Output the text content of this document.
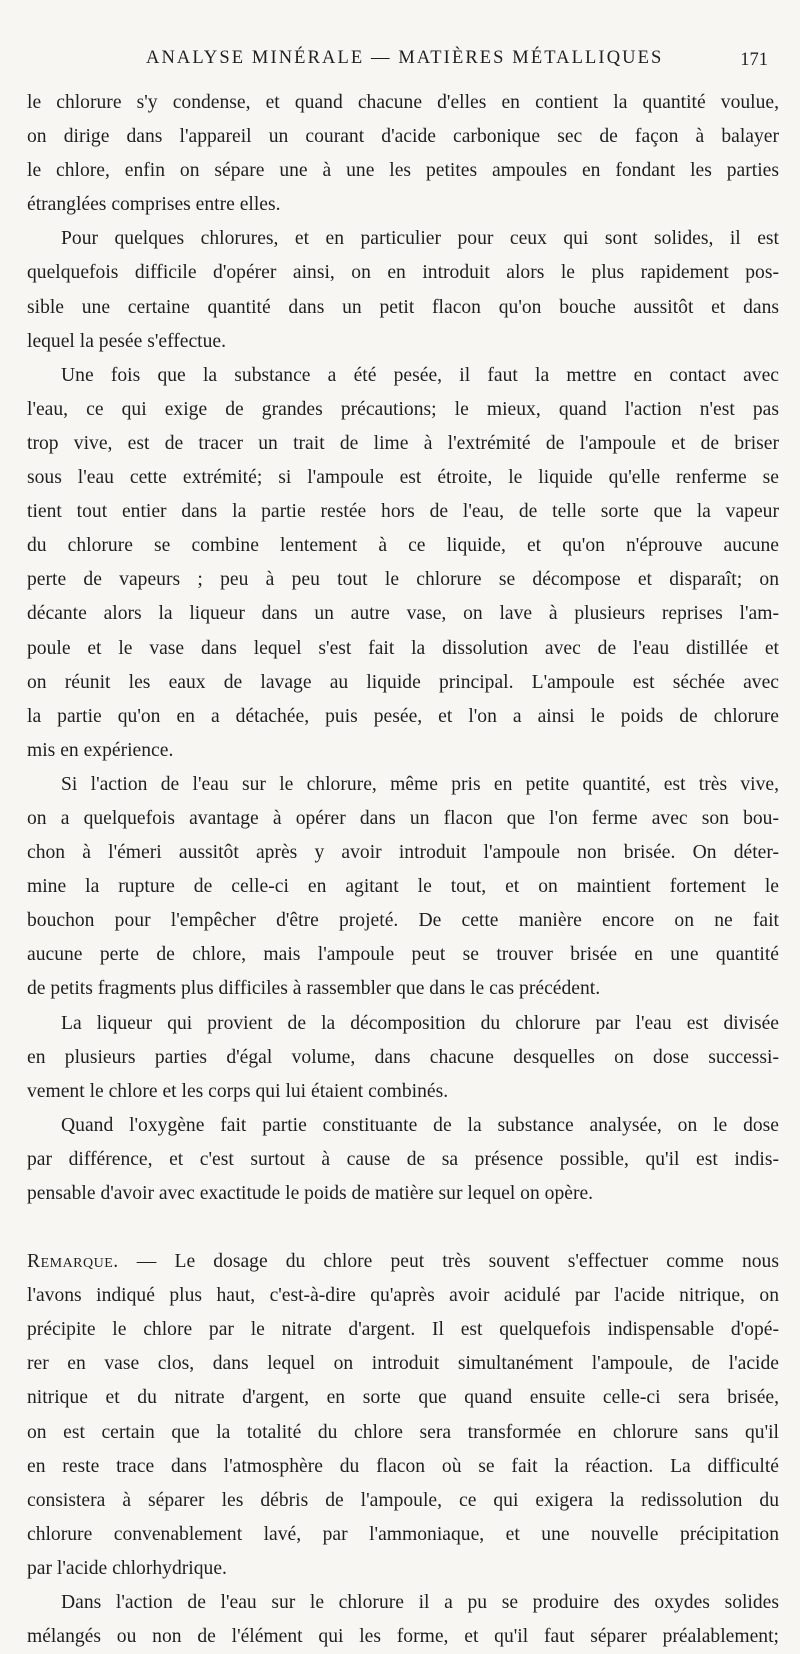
ANALYSE MINÉRALE — MATIÈRES MÉTALLIQUES	171

le chlorure s'y condense, et quand chacune d'elles en contient la quantité voulue,

on dirige dans l'appareil un courant d'acide carbonique sec de façon à balayer

le chlore, enfin on sépare une à une les petites ampoules en fondant les parties

étranglées comprises entre elles.

Pour quelques chlorures, et en particulier pour ceux qui sont solides, il est

quelquefois difficile d'opérer ainsi, on en introduit alors le plus rapidement pos-

sible une certaine quantité dans un petit flacon qu'on bouche aussitôt et dans

lequel la pesée s'effectue.

Une fois que la substance a été pesée, il faut la mettre en contact avec

l'eau, ce qui exige de grandes précautions; le mieux, quand l'action n'est pas

trop vive, est de tracer un trait de lime à l'extrémité de l'ampoule et de briser

sous l'eau cette extrémité; si l'ampoule est étroite, le liquide qu'elle renferme se

tient tout entier dans la partie restée hors de l'eau, de telle sorte que la vapeur

du chlorure se combine lentement à ce liquide, et qu'on n'éprouve aucune

perte de vapeurs ; peu à peu tout le chlorure se décompose et disparaît; on

décante alors la liqueur dans un autre vase, on lave à plusieurs reprises l'am-

poule et le vase dans lequel s'est fait la dissolution avec de l'eau distillée et

on réunit les eaux de lavage au liquide principal. L'ampoule est séchée avec

la partie qu'on en a détachée, puis pesée, et l'on a ainsi le poids de chlorure

mis en expérience.

Si l'action de l'eau sur le chlorure, même pris en petite quantité, est très vive,

on a quelquefois avantage à opérer dans un flacon que l'on ferme avec son bou-

chon à l'émeri aussitôt après y avoir introduit l'ampoule non brisée. On déter-

mine la rupture de celle-ci en agitant le tout, et on maintient fortement le

bouchon pour l'empêcher d'être projeté. De cette manière encore on ne fait

aucune perte de chlore, mais l'ampoule peut se trouver brisée en une quantité

de petits fragments plus difficiles à rassembler que dans le cas précédent.

La liqueur qui provient de la décomposition du chlorure par l'eau est divisée

en plusieurs parties d'égal volume, dans chacune desquelles on dose successi-

vement le chlore et les corps qui lui étaient combinés.

Quand l'oxygène fait partie constituante de la substance analysée, on le dose

par différence, et c'est surtout à cause de sa présence possible, qu'il est indis-

pensable d'avoir avec exactitude le poids de matière sur lequel on opère.

Remarque. — Le dosage du chlore peut très souvent s'effectuer comme nous

l'avons indiqué plus haut, c'est-à-dire qu'après avoir acidulé par l'acide nitrique, on

précipite le chlore par le nitrate d'argent. Il est quelquefois indispensable d'opé-

rer en vase clos, dans lequel on introduit simultanément l'ampoule, de l'acide

nitrique et du nitrate d'argent, en sorte que quand ensuite celle-ci sera brisée,

on est certain que la totalité du chlore sera transformée en chlorure sans qu'il

en reste trace dans l'atmosphère du flacon où se fait la réaction. La difficulté

consistera à séparer les débris de l'ampoule, ce qui exigera la redissolution du

chlorure convenablement lavé, par l'ammoniaque, et une nouvelle précipitation

par l'acide chlorhydrique.

Dans l'action de l'eau sur le chlorure il a pu se produire des oxydes solides

mélangés ou non de l'élément qui les forme, et qu'il faut séparer préalablement;
